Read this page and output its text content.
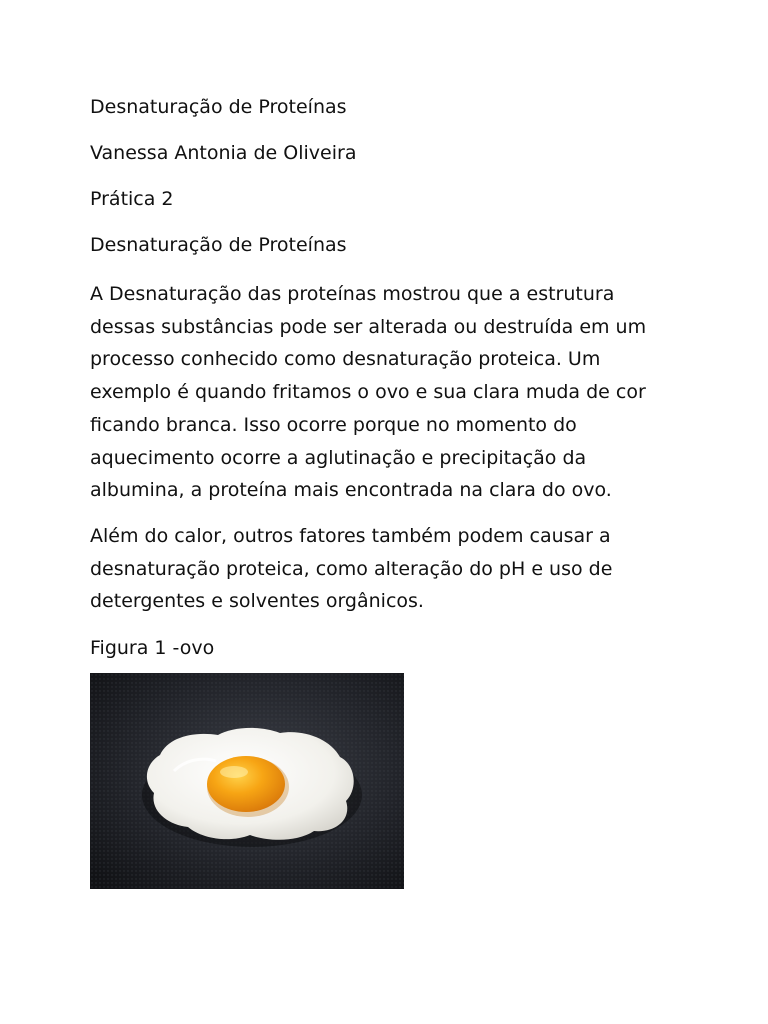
Desnaturação de Proteínas
Vanessa Antonia de Oliveira
Prática 2
Desnaturação de Proteínas

A Desnaturação das proteínas mostrou que a estrutura dessas substâncias pode ser alterada ou destruída em um processo conhecido como desnaturação proteica. Um exemplo é quando fritamos o ovo e sua clara muda de cor ficando branca. Isso ocorre porque no momento do aquecimento ocorre a aglutinação e precipitação da albumina, a proteína mais encontrada na clara do ovo.

Além do calor, outros fatores também podem causar a desnaturação proteica, como alteração do pH e uso de detergentes e solventes orgânicos.

Figura 1 -ovo
